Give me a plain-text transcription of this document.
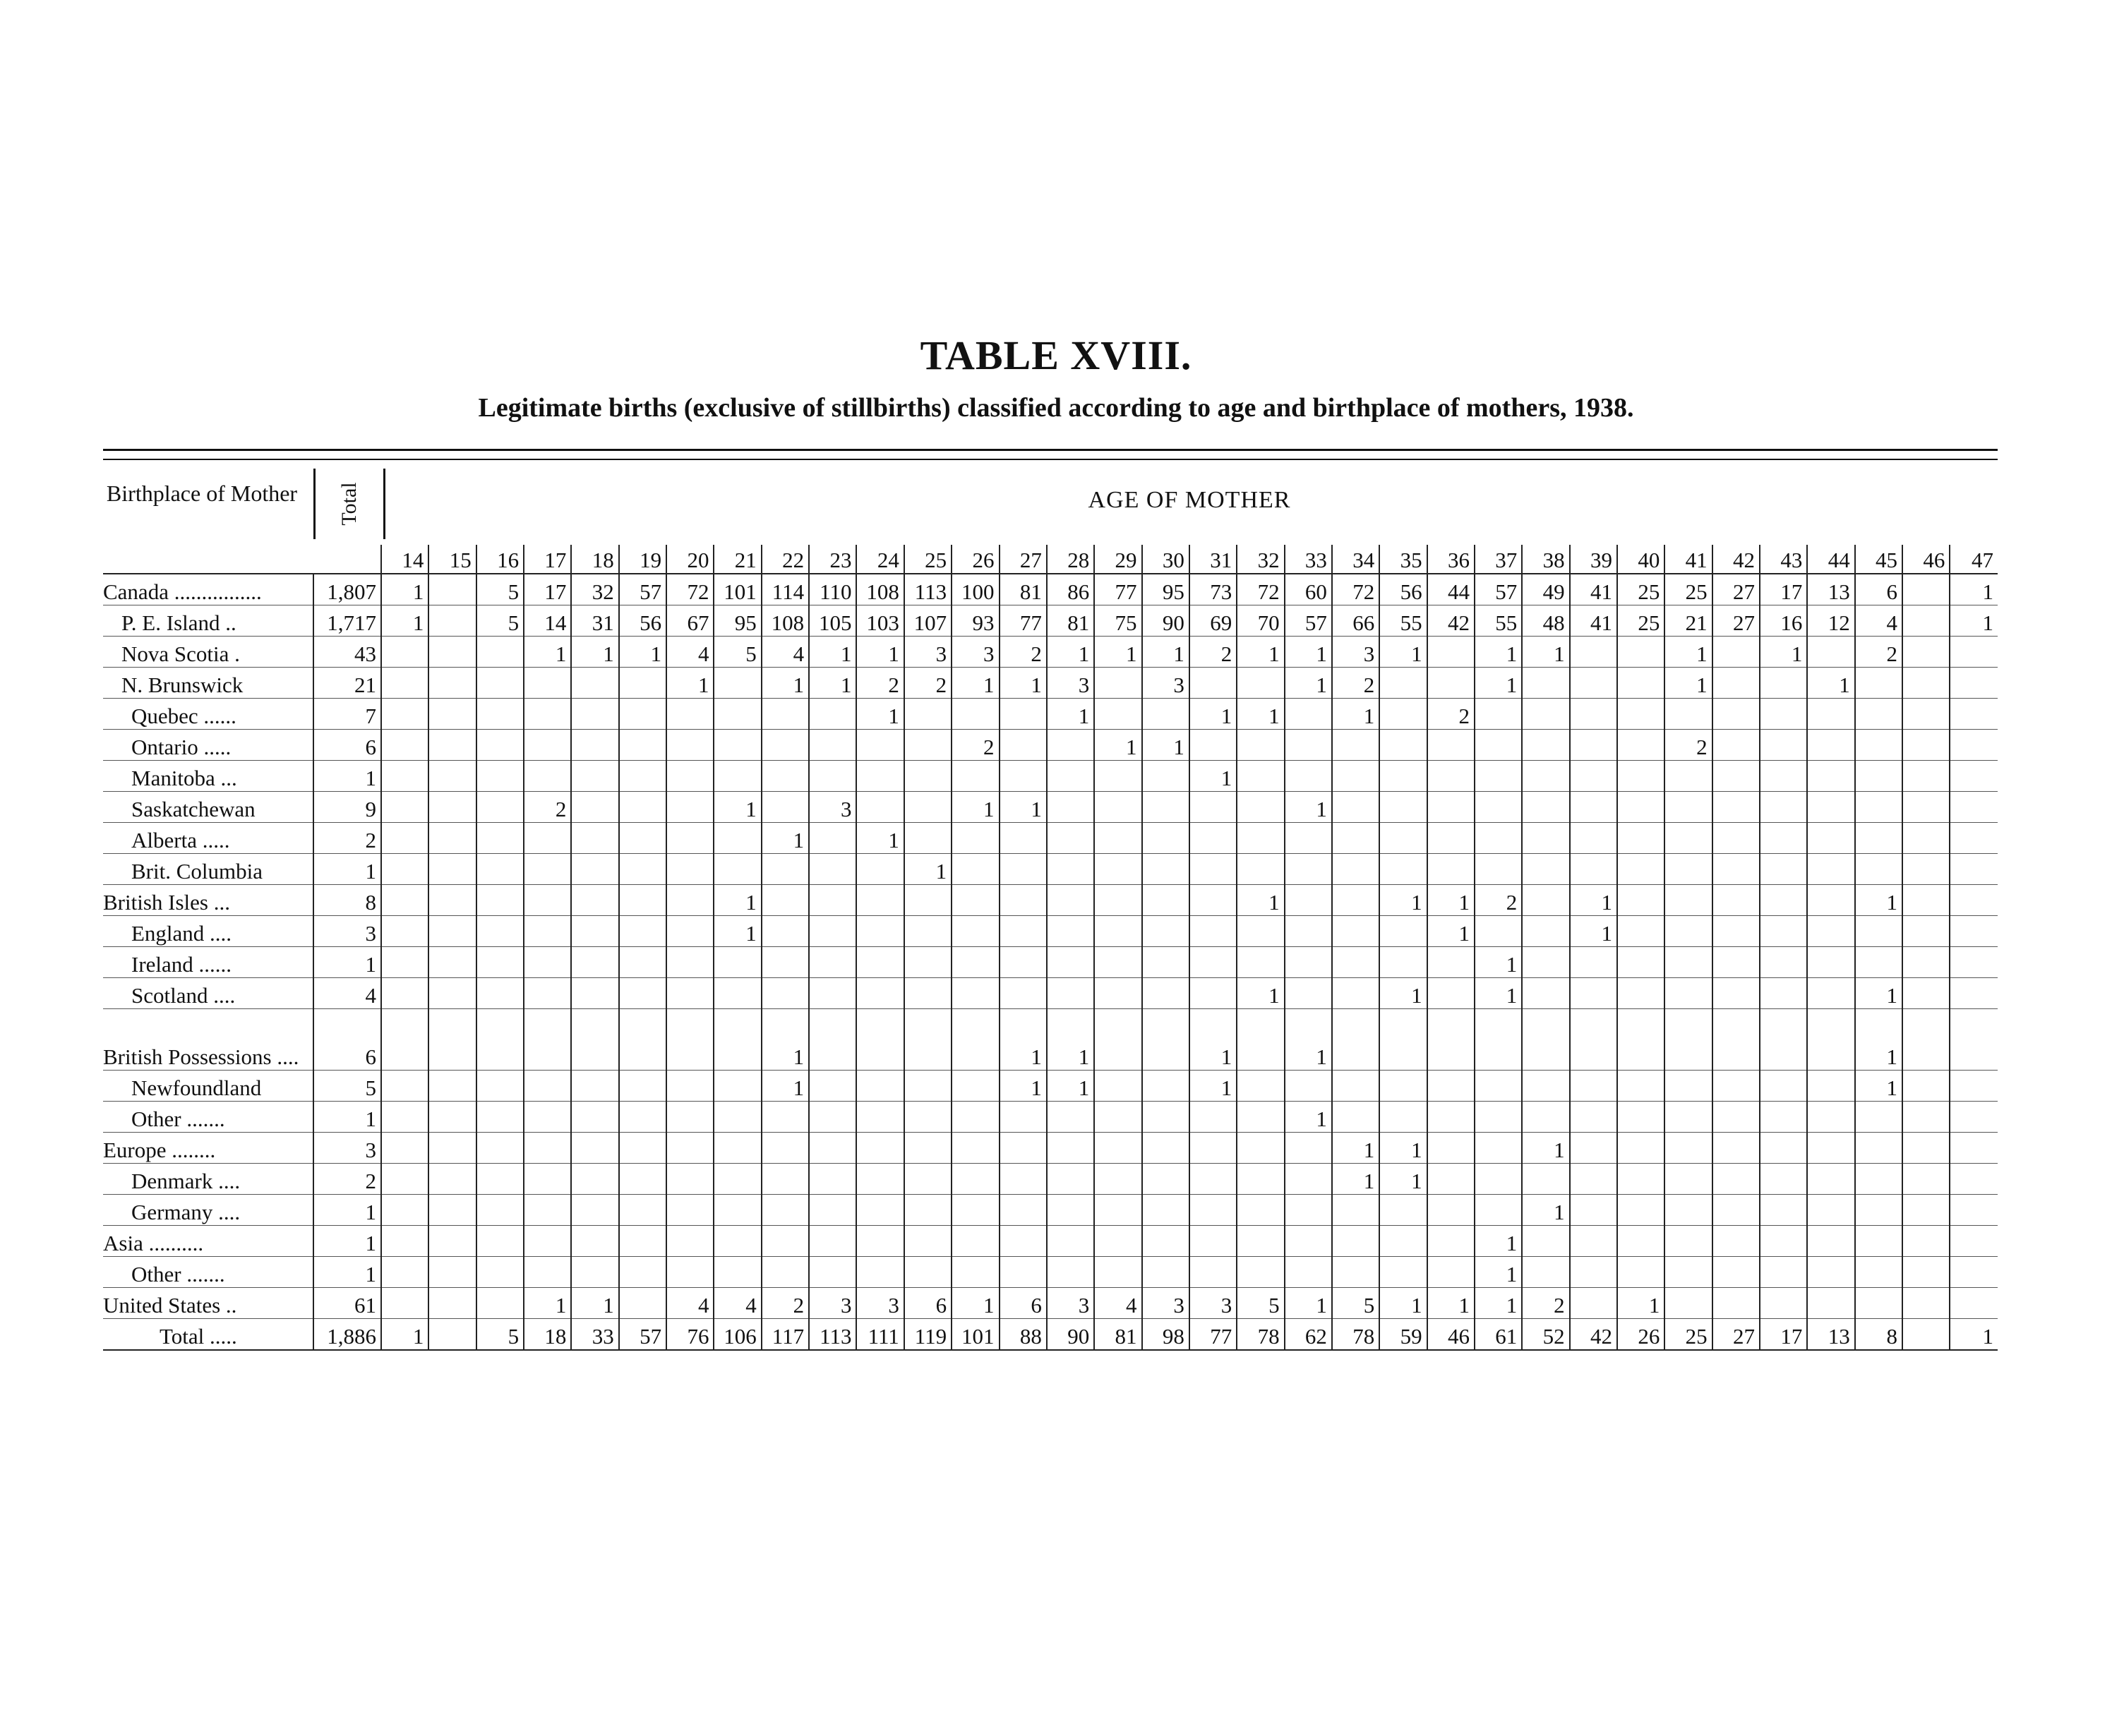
TABLE XVIII.
Legitimate births (exclusive of stillbirths) classified according to age and birthplace of mothers, 1938.
Birthplace of Mother Total	AGE OF MOTHER
		14	15	16	17	18	19	20	21	22	23	24	25	26	27	28	29	30	31	32	33	34	35	36	37	38	39	40	41	42	43	44	45	46	47
Canada ................	1,807	1		5	17	32	57	72	101	114	110	108	113	100	81	86	77	95	73	72	60	72	56	44	57	49	41	25	25	27	17	13	6		1
P. E. Island ..	1,717	1		5	14	31	56	67	95	108	105	103	107	93	77	81	75	90	69	70	57	66	55	42	55	48	41	25	21	27	16	12	4		1
Nova Scotia .	43				1	1	1	4	5	4	1	1	3	3	2	1	1	1	2	1	1	3	1		1	1			1		1		2		
N. Brunswick	21							1		1	1	2	2	1	1	3		3			1	2			1				1			1			
Quebec ......	7											1				1			1	1		1		2											
Ontario .....	6													2			1	1											2						
Manitoba ...	1																		1																
Saskatchewan	9				2				1		3			1	1						1														
Alberta .....	2									1		1																							
Brit. Columbia	1												1																						
British Isles ...	8								1											1			1	1	2		1						1		
England ....	3								1															1			1								
Ireland ......	1																								1										
Scotland ....	4																			1			1		1								1		
British Possessions ....	6									1					1	1			1		1												1		
Newfoundland	5									1					1	1			1														1		
Other .......	1																				1														
Europe ........	3																					1	1			1									
Denmark ....	2																					1	1												
Germany ....	1																									1									
Asia ..........	1																								1										
Other .......	1																								1										
United States ..	61				1	1		4	4	2	3	3	6	1	6	3	4	3	3	5	1	5	1	1	1	2		1							
Total .....	1,886	1		5	18	33	57	76	106	117	113	111	119	101	88	90	81	98	77	78	62	78	59	46	61	52	42	26	25	27	17	13	8		1
